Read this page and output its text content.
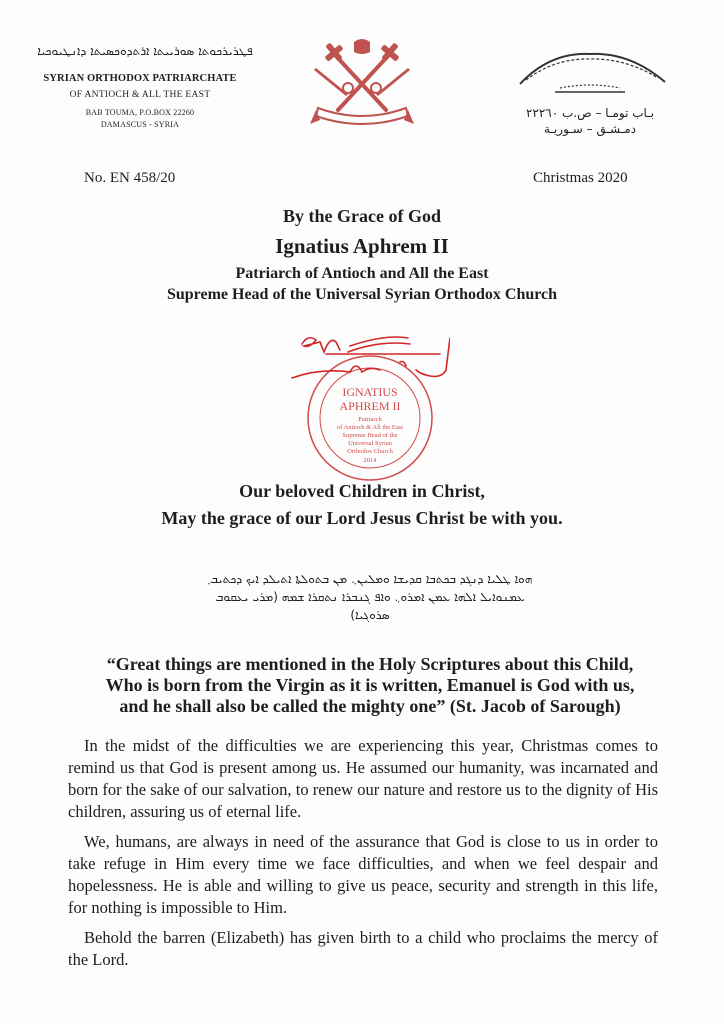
ܦܛܪܝܪܟܘܬܐ ܣܘܪܝܝܬܐ ܐܪܬܕܘܟܣܝܬܐ ܕܐܢܛܝܘܟܝܐ
SYRIAN ORTHODOX PATRIARCHATE
OF ANTIOCH & ALL THE EAST
BAB TOUMA, P.O.BOX 22260
DAMASCUS - SYRIA
بـاب تومـا – ص.ب ٢٢٢٦٠
دمـشـق – سـوريـة
No. EN 458/20	Christmas 2020
By the Grace of God
Ignatius Aphrem II
Patriarch of Antioch and All the East
Supreme Head of the Universal Syrian Orthodox Church
IGNATIUS
APHREM II
Patriarch
of Antioch & All the East
Supreme Head of the
Universal Syrian
Orthodox Church
2014
Our beloved Children in Christ,
May the grace of our Lord Jesus Christ be with you.
ܗܘܐ ܛܠܝܐ ܕܢܓܕ ܒܟܬܒܐ ܩܕܝܫܐ ܘܡܠܝܢ܆ ܡܢ ܒܬܘܠܬܐ ܐܬܝܠܕ ܐܝܟ ܕܟܬܝܒ܂
ܥܡܢܘܐܝܠ ܐܠܗܐ ܥܡܢ ܐܡܪܘ܆ ܘܐܦ ܓܢܒܪܐ ܢܬܩܪܐ ܫܡܗ (ܡܪܝ ܝܥܩܘܒ
ܣܪܘܓܝܐ)
“Great things are mentioned in the Holy Scriptures about this Child,
Who is born from the Virgin as it is written, Emanuel is God with us,
and he shall also be called the mighty one” (St. Jacob of Sarough)

In the midst of the difficulties we are experiencing this year, Christmas comes to remind us that God is present among us. He assumed our humanity, was incarnated and born for the sake of our salvation, to renew our nature and restore us to the dignity of His children, assuring us of eternal life.

We, humans, are always in need of the assurance that God is close to us in order to take refuge in Him every time we face difficulties, and when we feel despair and hopelessness. He is able and willing to give us peace, security and strength in this life, for nothing is impossible to Him.

Behold the barren (Elizabeth) has given birth to a child who proclaims the mercy of the Lord.
